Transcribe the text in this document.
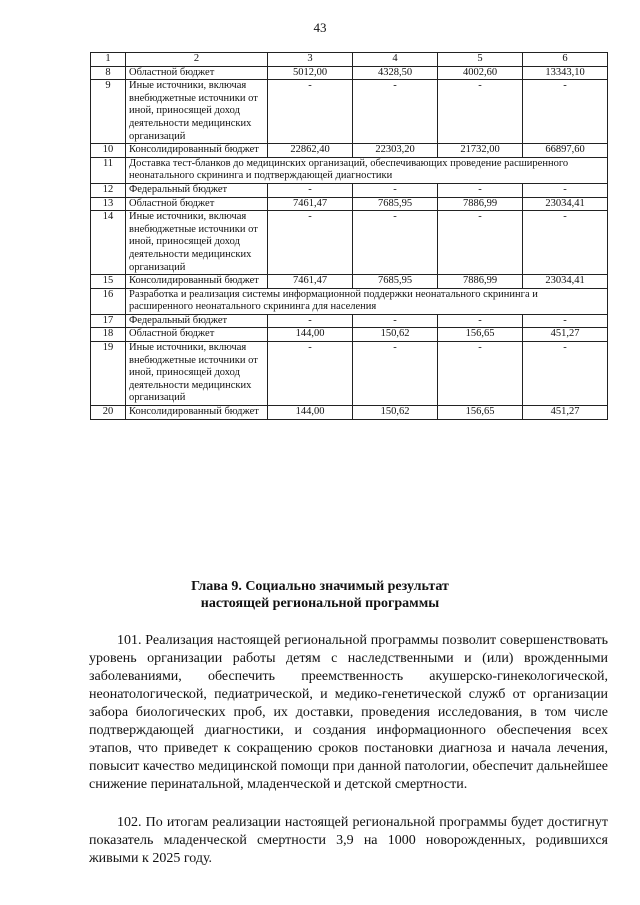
43
1	2	3	4	5	6
8	Областной бюджет	5012,00	4328,50	4002,60	13343,10
9	Иные источники, включая внебюджетные источники от иной, приносящей доход деятельности медицинских организаций	-	-	-	-
10	Консолидированный бюджет	22862,40	22303,20	21732,00	66897,60
11	Доставка тест-бланков до медицинских организаций, обеспечивающих проведение расширенного неонатального скрининга и подтверждающей диагностики				
12	Федеральный бюджет	-	-	-	-
13	Областной бюджет	7461,47	7685,95	7886,99	23034,41
14	Иные источники, включая внебюджетные источники от иной, приносящей доход деятельности медицинских организаций	-	-	-	-
15	Консолидированный бюджет	7461,47	7685,95	7886,99	23034,41
16	Разработка и реализация системы информационной поддержки неонатального скрининга и расширенного неонатального скрининга для населения				
17	Федеральный бюджет	-	-	-	-
18	Областной бюджет	144,00	150,62	156,65	451,27
19	Иные источники, включая внебюджетные источники от иной, приносящей доход деятельности медицинских организаций	-	-	-	-
20	Консолидированный бюджет	144,00	150,62	156,65	451,27
Глава 9. Социально значимый результат
настоящей региональной программы

101. Реализация настоящей региональной программы позволит совершенствовать уровень организации работы детям с наследственными и (или) врожденными заболеваниями, обеспечить преемственность акушерско-гинекологической, неонатологической, педиатрической, и медико-генетической служб от организации забора биологических проб, их доставки, проведения исследования, в том числе подтверждающей диагностики, и создания информационного обеспечения всех этапов, что приведет к сокращению сроков постановки диагноза и начала лечения, повысит качество медицинской помощи при данной патологии, обеспечит дальнейшее снижение перинатальной, младенческой и детской смертности.

102. По итогам реализации настоящей региональной программы будет достигнут показатель младенческой смертности 3,9 на 1000 новорожденных, родившихся живыми к 2025 году.
